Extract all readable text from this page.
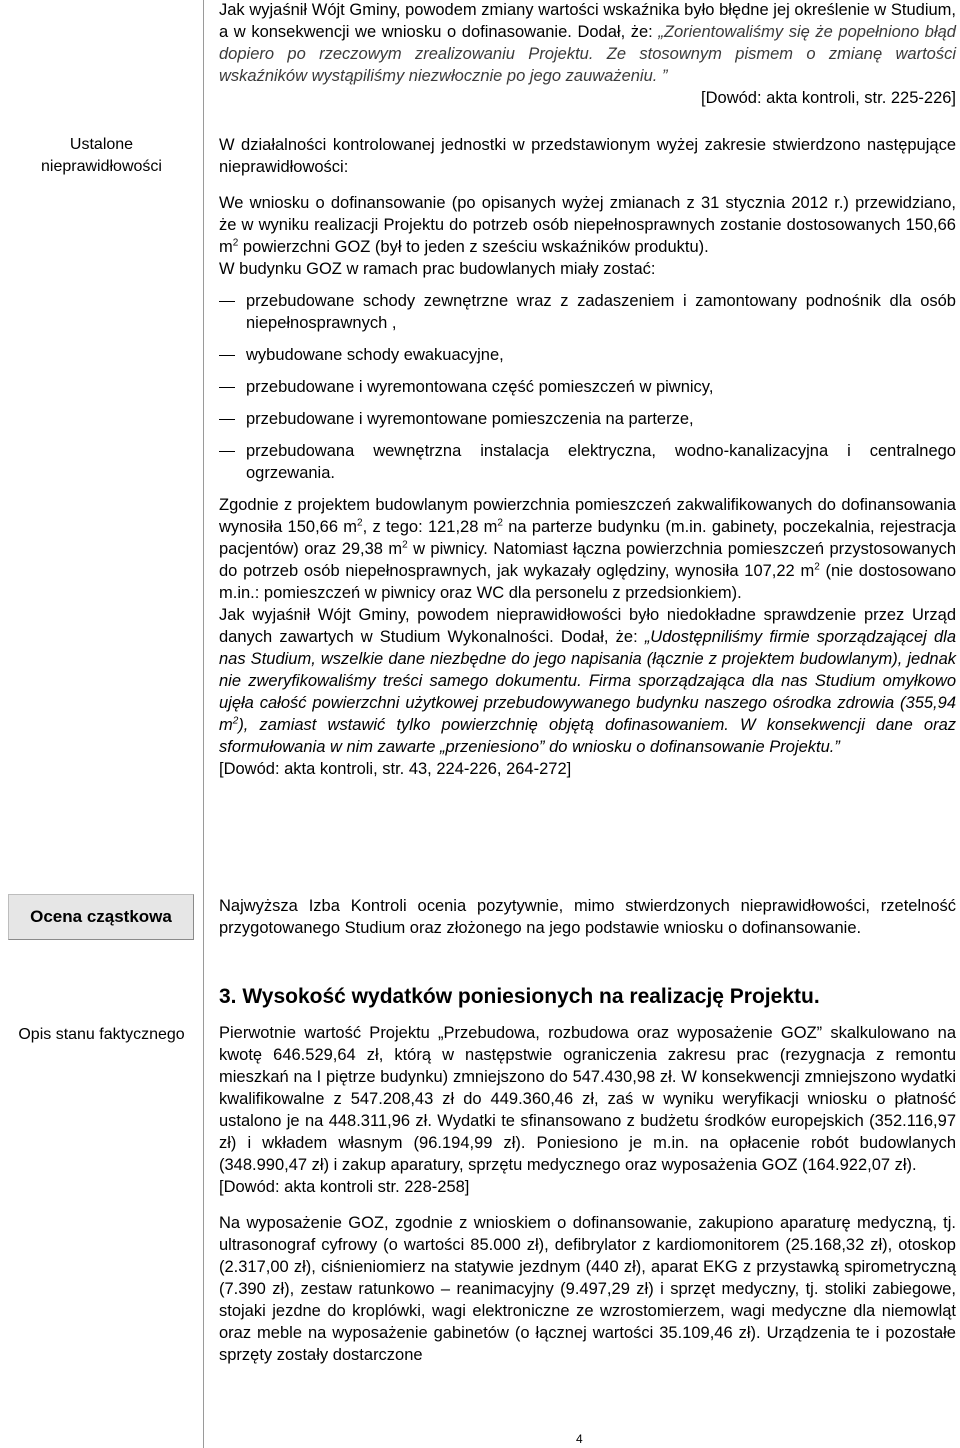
Ustalone
nieprawidłowości
Ocena cząstkowa
Opis stanu faktycznego

Jak wyjaśnił Wójt Gminy, powodem zmiany wartości wskaźnika było błędne jej określenie w Studium, a w konsekwencji we wniosku o dofinasowanie. Dodał, że: „Zorientowaliśmy się że popełniono błąd dopiero po rzeczowym zrealizowaniu Projektu. Ze stosownym pismem o zmianę wartości wskaźników wystąpiliśmy niezwłocznie po jego zauważeniu. ”

[Dowód: akta kontroli, str. 225-226]

W działalności kontrolowanej jednostki w przedstawionym wyżej zakresie stwierdzono następujące nieprawidłowości:

We wniosku o dofinansowanie (po opisanych wyżej zmianach z 31 stycznia 2012 r.) przewidziano, że w wyniku realizacji Projektu do potrzeb osób niepełnosprawnych zostanie dostosowanych 150,66 $m^2$ powierzchni GOZ (był to jeden z sześciu wskaźników produktu).

W budynku GOZ w ramach prac budowlanych miały zostać:

przebudowane schody zewnętrzne wraz z zadaszeniem i zamontowany podnośnik dla osób niepełnosprawnych ,
wybudowane schody ewakuacyjne,
przebudowane i wyremontowana część pomieszczeń w piwnicy,
przebudowane i wyremontowane pomieszczenia na parterze,
przebudowana wewnętrzna instalacja elektryczna, wodno-kanalizacyjna i centralnego ogrzewania.

Zgodnie z projektem budowlanym powierzchnia pomieszczeń zakwalifikowanych do dofinansowania wynosiła 150,66 $m^2$, z tego: 121,28 $m^2$ na parterze budynku (m.in. gabinety, poczekalnia, rejestracja pacjentów) oraz 29,38 $m^2$ w piwnicy. Natomiast łączna powierzchnia pomieszczeń przystosowanych do potrzeb osób niepełnosprawnych, jak wykazały oględziny, wynosiła 107,22 $m^2$ (nie dostosowano m.in.: pomieszczeń w piwnicy oraz WC dla personelu z przedsionkiem).

Jak wyjaśnił Wójt Gminy, powodem nieprawidłowości było niedokładne sprawdzenie przez Urząd danych zawartych w Studium Wykonalności. Dodał, że: „Udostępniliśmy firmie sporządzającej dla nas Studium, wszelkie dane niezbędne do jego napisania (łącznie z projektem budowlanym), jednak nie zweryfikowaliśmy treści samego dokumentu. Firma sporządzająca dla nas Studium omyłkowo ujęła całość powierzchni użytkowej przebudowywanego budynku naszego ośrodka zdrowia (355,94 $m^2$), zamiast wstawić tylko powierzchnię objętą dofinasowaniem. W konsekwencji dane oraz sformułowania w nim zawarte „przeniesiono” do wniosku o dofinansowanie Projektu.”

[Dowód: akta kontroli, str. 43, 224-226, 264-272]

Najwyższa Izba Kontroli ocenia pozytywnie, mimo stwierdzonych nieprawidłowości, rzetelność przygotowanego Studium oraz złożonego na jego podstawie wniosku o dofinansowanie.

3. Wysokość wydatków poniesionych na realizację Projektu.

Pierwotnie wartość Projektu „Przebudowa, rozbudowa oraz wyposażenie GOZ” skalkulowano na kwotę 646.529,64 zł, którą w następstwie ograniczenia zakresu prac (rezygnacja z remontu mieszkań na I piętrze budynku) zmniejszono do 547.430,98 zł. W konsekwencji zmniejszono wydatki kwalifikowalne z 547.208,43 zł do 449.360,46 zł, zaś w wyniku weryfikacji wniosku o płatność ustalono je na 448.311,96 zł. Wydatki te sfinansowano z budżetu środków europejskich (352.116,97 zł) i wkładem własnym (96.194,99 zł). Poniesiono je m.in. na opłacenie robót budowlanych (348.990,47 zł) i zakup aparatury, sprzętu medycznego oraz wyposażenia GOZ (164.922,07 zł).

[Dowód: akta kontroli str. 228-258]

Na wyposażenie GOZ, zgodnie z wnioskiem o dofinansowanie, zakupiono aparaturę medyczną, tj. ultrasonograf cyfrowy (o wartości 85.000 zł), defibrylator z kardiomonitorem (25.168,32 zł), otoskop (2.317,00 zł), ciśnieniomierz na statywie jezdnym (440 zł), aparat EKG z przystawką spirometryczną (7.390 zł), zestaw ratunkowo – reanimacyjny (9.497,29 zł) i sprzęt medyczny, tj. stoliki zabiegowe, stojaki jezdne do kroplówki, wagi elektroniczne ze wzrostomierzem, wagi medyczne dla niemowląt oraz meble na wyposażenie gabinetów (o łącznej wartości 35.109,46 zł). Urządzenia te i pozostałe sprzęty zostały dostarczone

4
